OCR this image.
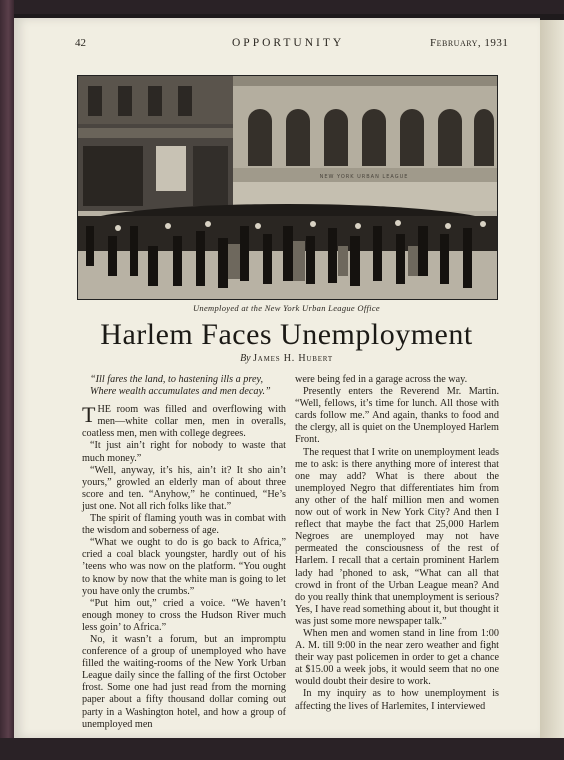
42	OPPORTUNITY	February, 1931
NEW YORK URBAN LEAGUE
Unemployed at the New York Urban League Office
Harlem Faces Unemployment
By James H. Hubert

“Ill fares the land, to hastening ills a prey,
Where wealth accumulates and men decay.”

THE room was filled and overflowing with men—white collar men, men in overalls, coatless men, men with college degrees.

“It just ain’t right for nobody to waste that much money.”

“Well, anyway, it’s his, ain’t it? It sho ain’t yours,” growled an elderly man of about three score and ten. “Anyhow,” he continued, “He’s just one. Not all rich folks like that.”

The spirit of flaming youth was in combat with the wisdom and soberness of age.

“What we ought to do is go back to Africa,” cried a coal black youngster, hardly out of his ’teens who was now on the platform. “You ought to know by now that the white man is going to let you have only the crumbs.”

“Put him out,” cried a voice. “We haven’t enough money to cross the Hudson River much less goin’ to Africa.”

No, it wasn’t a forum, but an impromptu conference of a group of unemployed who have filled the waiting-rooms of the New York Urban League daily since the falling of the first October frost. Some one had just read from the morning paper about a fifty thousand dollar coming out party in a Washington hotel, and how a group of unemployed men

were being fed in a garage across the way.

Presently enters the Reverend Mr. Martin. “Well, fellows, it’s time for lunch. All those with cards follow me.” And again, thanks to food and the clergy, all is quiet on the Unemployed Harlem Front.

The request that I write on unemployment leads me to ask: is there anything more of interest that one may add? What is there about the unemployed Negro that differentiates him from any other of the half million men and women now out of work in New York City? And then I reflect that maybe the fact that 25,000 Harlem Negroes are unemployed may not have permeated the consciousness of the rest of Harlem. I recall that a certain prominent Harlem lady had ’phoned to ask, “What can all that crowd in front of the Urban League mean? And do you really think that unemployment is serious? Yes, I have read something about it, but thought it was just some more newspaper talk.”

When men and women stand in line from 1:00 A. M. till 9:00 in the near zero weather and fight their way past policemen in order to get a chance at $15.00 a week jobs, it would seem that no one would doubt their desire to work.

In my inquiry as to how unemployment is affecting the lives of Harlemites, I interviewed
